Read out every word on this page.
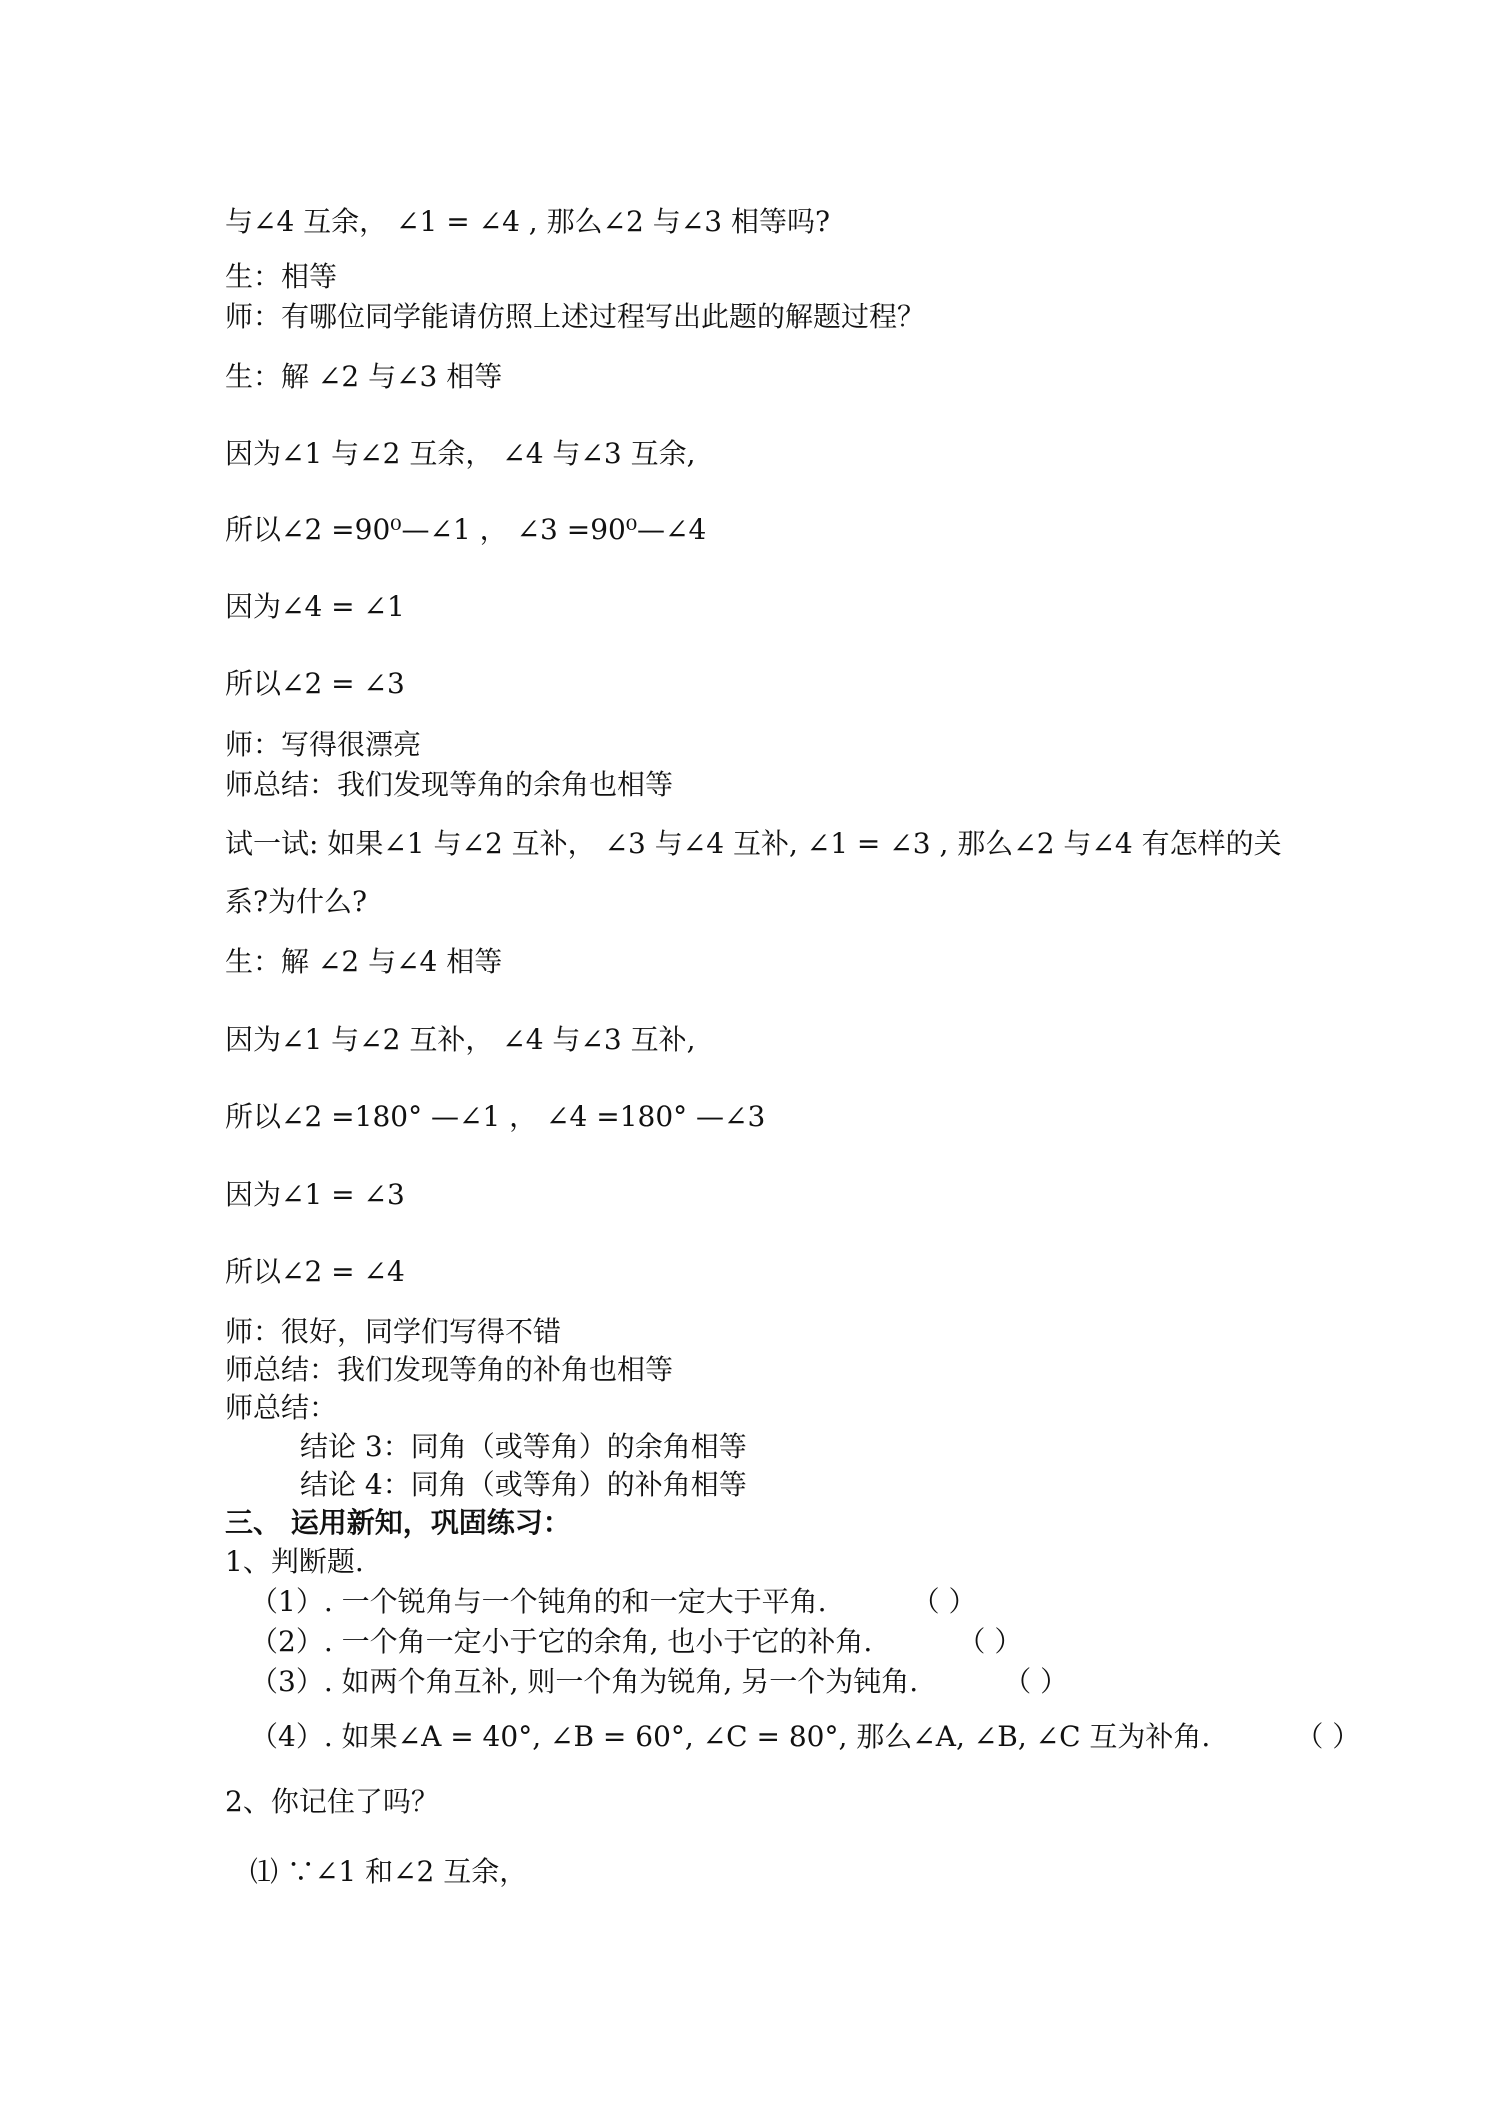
与∠4 互余， ∠1 = ∠4 , 那么∠2 与∠3 相等吗?
生：相等
师：有哪位同学能请仿照上述过程写出此题的解题过程？
生：解 ∠2 与∠3 相等
因为∠1 与∠2 互余， ∠4 与∠3 互余,
所以∠2 =90⁰—∠1 ， ∠3 =90⁰—∠4
因为∠4 = ∠1
所以∠2 = ∠3
师：写得很漂亮
师总结：我们发现等角的余角也相等
试一试: 如果∠1 与∠2 互补， ∠3 与∠4 互补, ∠1 = ∠3 , 那么∠2 与∠4 有怎样的关
系?为什么?
生：解 ∠2 与∠4 相等
因为∠1 与∠2 互补， ∠4 与∠3 互补,
所以∠2 =180° —∠1 ， ∠4 =180° —∠3
因为∠1 = ∠3
所以∠2 = ∠4
师：很好，同学们写得不错
师总结：我们发现等角的补角也相等
师总结：
结论 3：同角（或等角）的余角相等
结论 4：同角（或等角）的补角相等
三、 运用新知，巩固练习：
1、判断题.
（1）. 一个锐角与一个钝角的和一定大于平角.	（ ）
（2）. 一个角一定小于它的余角, 也小于它的补角.	（ ）
（3）. 如两个角互补, 则一个角为锐角, 另一个为钝角.	（ ）
（4）. 如果∠A = 40°, ∠B = 60°, ∠C = 80°, 那么∠A, ∠B, ∠C 互为补角.	（ ）
2、你记住了吗？
⑴ ∵∠1 和∠2 互余，
